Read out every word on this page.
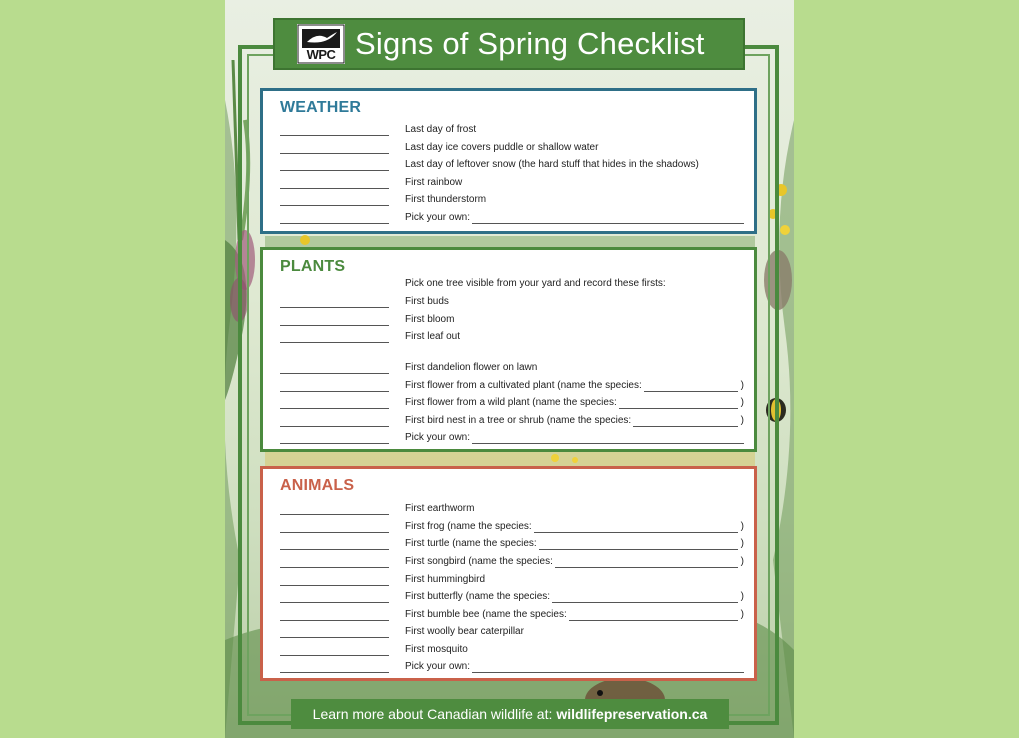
WPC Signs of Spring Checklist
WEATHER
Last day of frost
Last day ice covers puddle or shallow water
Last day of leftover snow (the hard stuff that hides in the shadows)
First rainbow
First thunderstorm
Pick your own:
PLANTS
Pick one tree visible from your yard and record these firsts:
First buds
First bloom
First leaf out
First dandelion flower on lawn
First flower from a cultivated plant (name the species:	)
First flower from a wild plant (name the species:	)
First bird nest in a tree or shrub (name the species:	)
Pick your own:
ANIMALS
First earthworm
First frog (name the species:	)
First turtle (name the species:	)
First songbird (name the species:	)
First hummingbird
First butterfly (name the species:	)
First bumble bee (name the species:	)
First woolly bear caterpillar
First mosquito
Pick your own:
Learn more about Canadian wildlife at: wildlifepreservation.ca
